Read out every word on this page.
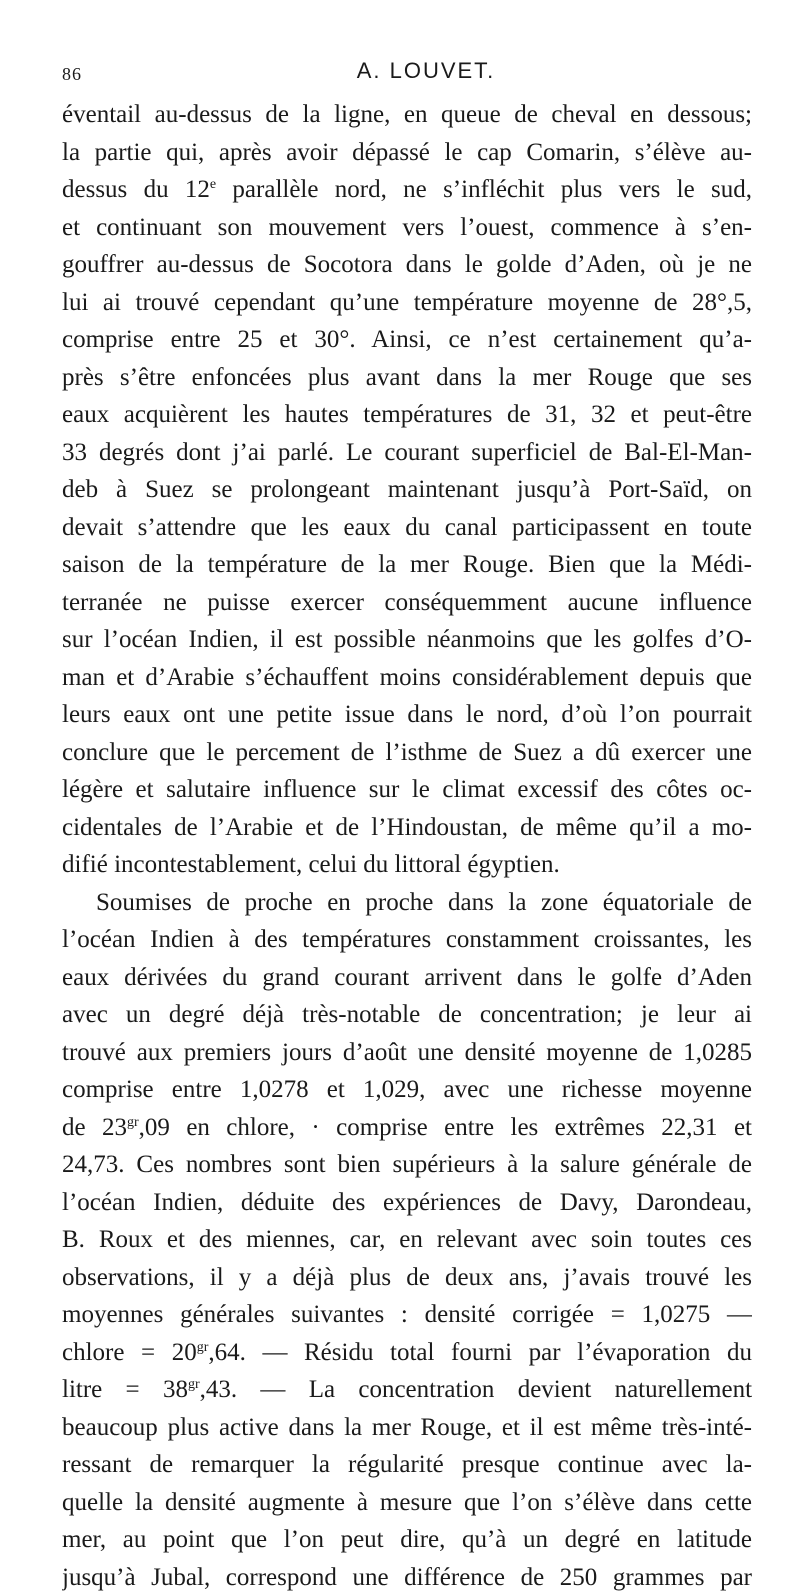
86	A. LOUVET.
éventail au-dessus de la ligne, en queue de cheval en dessous;
la partie qui, après avoir dépassé le cap Comarin, s’élève au-
dessus du 12e parallèle nord, ne s’infléchit plus vers le sud,
et continuant son mouvement vers l’ouest, commence à s’en-
gouffrer au-dessus de Socotora dans le golde d’Aden, où je ne
lui ai trouvé cependant qu’une température moyenne de 28°,5,
comprise entre 25 et 30°. Ainsi, ce n’est certainement qu’a-
près s’être enfoncées plus avant dans la mer Rouge que ses
eaux acquièrent les hautes températures de 31, 32 et peut-être
33 degrés dont j’ai parlé. Le courant superficiel de Bal-El-Man-
deb à Suez se prolongeant maintenant jusqu’à Port-Saïd, on
devait s’attendre que les eaux du canal participassent en toute
saison de la température de la mer Rouge. Bien que la Médi-
terranée ne puisse exercer conséquemment aucune influence
sur l’océan Indien, il est possible néanmoins que les golfes d’O-
man et d’Arabie s’échauffent moins considérablement depuis que
leurs eaux ont une petite issue dans le nord, d’où l’on pourrait
conclure que le percement de l’isthme de Suez a dû exercer une
légère et salutaire influence sur le climat excessif des côtes oc-
cidentales de l’Arabie et de l’Hindoustan, de même qu’il a mo-
difié incontestablement, celui du littoral égyptien.
Soumises de proche en proche dans la zone équatoriale de
l’océan Indien à des températures constamment croissantes, les
eaux dérivées du grand courant arrivent dans le golfe d’Aden
avec un degré déjà très-notable de concentration; je leur ai
trouvé aux premiers jours d’août une densité moyenne de 1,0285
comprise entre 1,0278 et 1,029, avec une richesse moyenne
de $23^{gr},09$ en chlore, · comprise entre les extrêmes 22,31 et
24,73. Ces nombres sont bien supérieurs à la salure générale de
l’océan Indien, déduite des expériences de Davy, Darondeau,
B. Roux et des miennes, car, en relevant avec soin toutes ces
observations, il y a déjà plus de deux ans, j’avais trouvé les
moyennes générales suivantes : densité corrigée = 1,0275 —
chlore = $20^{gr},64$. — Résidu total fourni par l’évaporation du
litre = $38^{gr},43$. — La concentration devient naturellement
beaucoup plus active dans la mer Rouge, et il est même très-inté-
ressant de remarquer la régularité presque continue avec la-
quelle la densité augmente à mesure que l’on s’élève dans cette
mer, au point que l’on peut dire, qu’à un degré en latitude
jusqu’à Jubal, correspond une différence de 250 grammes par
